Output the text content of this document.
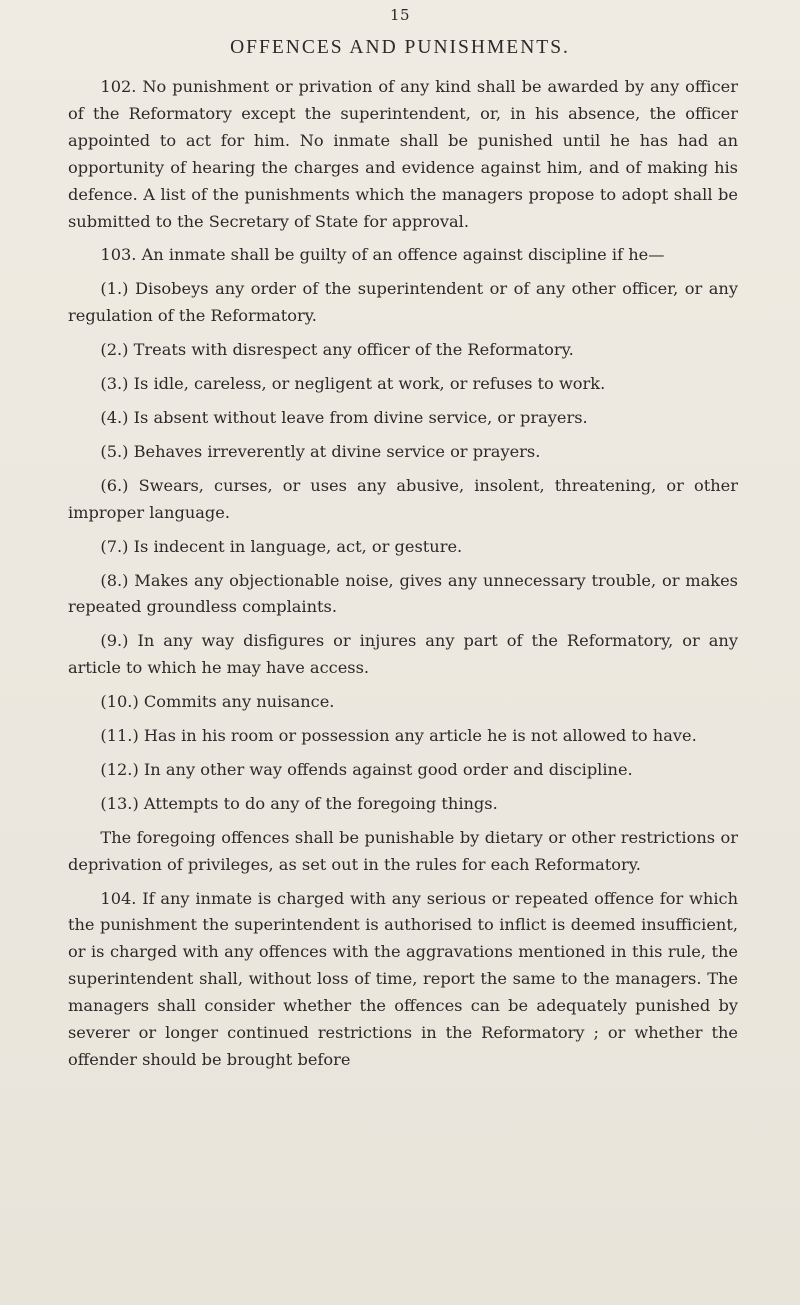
15
OFFENCES AND PUNISHMENTS.

102. No punishment or privation of any kind shall be awarded by any officer of the Reformatory except the superintendent, or, in his absence, the officer appointed to act for him. No inmate shall be punished until he has had an opportunity of hearing the charges and evidence against him, and of making his defence. A list of the punishments which the managers propose to adopt shall be submitted to the Secretary of State for approval.

103. An inmate shall be guilty of an offence against discipline if he—

(1.) Disobeys any order of the superintendent or of any other officer, or any regulation of the Reformatory.

(2.) Treats with disrespect any officer of the Reformatory.

(3.) Is idle, careless, or negligent at work, or refuses to work.

(4.) Is absent without leave from divine service, or prayers.

(5.) Behaves irreverently at divine service or prayers.

(6.) Swears, curses, or uses any abusive, insolent, threatening, or other improper language.

(7.) Is indecent in language, act, or gesture.

(8.) Makes any objectionable noise, gives any unnecessary trouble, or makes repeated groundless complaints.

(9.) In any way disfigures or injures any part of the Reformatory, or any article to which he may have access.

(10.) Commits any nuisance.

(11.) Has in his room or possession any article he is not allowed to have.

(12.) In any other way offends against good order and discipline.

(13.) Attempts to do any of the foregoing things.

The foregoing offences shall be punishable by dietary or other restrictions or deprivation of privileges, as set out in the rules for each Reformatory.

104. If any inmate is charged with any serious or repeated offence for which the punishment the superintendent is authorised to inflict is deemed insufficient, or is charged with any offences with the aggravations mentioned in this rule, the superintendent shall, without loss of time, report the same to the managers. The managers shall consider whether the offences can be adequately punished by severer or longer continued restrictions in the Reformatory ; or whether the offender should be brought before
